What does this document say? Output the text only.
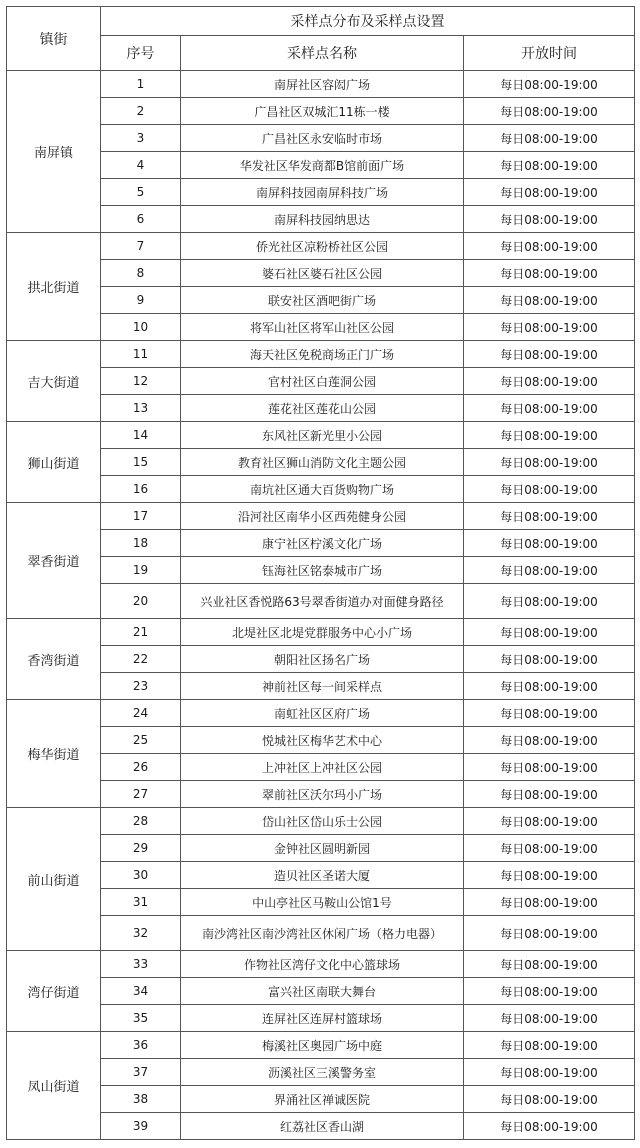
镇街	采样点分布及采样点设置		
	序号	采样点名称	开放时间
南屏镇	1	南屏社区容闳广场	每日08:00-19:00
	2	广昌社区双城汇11栋一楼	每日08:00-19:00
	3	广昌社区永安临时市场	每日08:00-19:00
	4	华发社区华发商都B馆前面广场	每日08:00-19:00
	5	南屏科技园南屏科技广场	每日08:00-19:00
	6	南屏科技园纳思达	每日08:00-19:00
拱北街道	7	侨光社区凉粉桥社区公园	每日08:00-19:00
	8	婆石社区婆石社区公园	每日08:00-19:00
	9	联安社区酒吧街广场	每日08:00-19:00
	10	将军山社区将军山社区公园	每日08:00-19:00
吉大街道	11	海天社区免税商场正门广场	每日08:00-19:00
	12	官村社区白莲洞公园	每日08:00-19:00
	13	莲花社区莲花山公园	每日08:00-19:00
狮山街道	14	东风社区新光里小公园	每日08:00-19:00
	15	教育社区狮山消防文化主题公园	每日08:00-19:00
	16	南坑社区通大百货购物广场	每日08:00-19:00
翠香街道	17	沿河社区南华小区西苑健身公园	每日08:00-19:00
	18	康宁社区柠溪文化广场	每日08:00-19:00
	19	钰海社区铭泰城市广场	每日08:00-19:00
	20	兴业社区香悦路63号翠香街道办对面健身路径	每日08:00-19:00
香湾街道	21	北堤社区北堤党群服务中心小广场	每日08:00-19:00
	22	朝阳社区扬名广场	每日08:00-19:00
	23	神前社区每一间采样点	每日08:00-19:00
梅华街道	24	南虹社区区府广场	每日08:00-19:00
	25	悦城社区梅华艺术中心	每日08:00-19:00
	26	上冲社区上冲社区公园	每日08:00-19:00
	27	翠前社区沃尔玛小广场	每日08:00-19:00
前山街道	28	岱山社区岱山乐士公园	每日08:00-19:00
	29	金钟社区圆明新园	每日08:00-19:00
	30	造贝社区圣诺大厦	每日08:00-19:00
	31	中山亭社区马鞍山公馆1号	每日08:00-19:00
	32	南沙湾社区南沙湾社区休闲广场（格力电器）	每日08:00-19:00
湾仔街道	33	作物社区湾仔文化中心篮球场	每日08:00-19:00
	34	富兴社区南联大舞台	每日08:00-19:00
	35	连屏社区连屏村篮球场	每日08:00-19:00
凤山街道	36	梅溪社区奥园广场中庭	每日08:00-19:00
	37	沥溪社区三溪警务室	每日08:00-19:00
	38	界涌社区禅诚医院	每日08:00-19:00
	39	红荔社区香山湖	每日08:00-19:00
